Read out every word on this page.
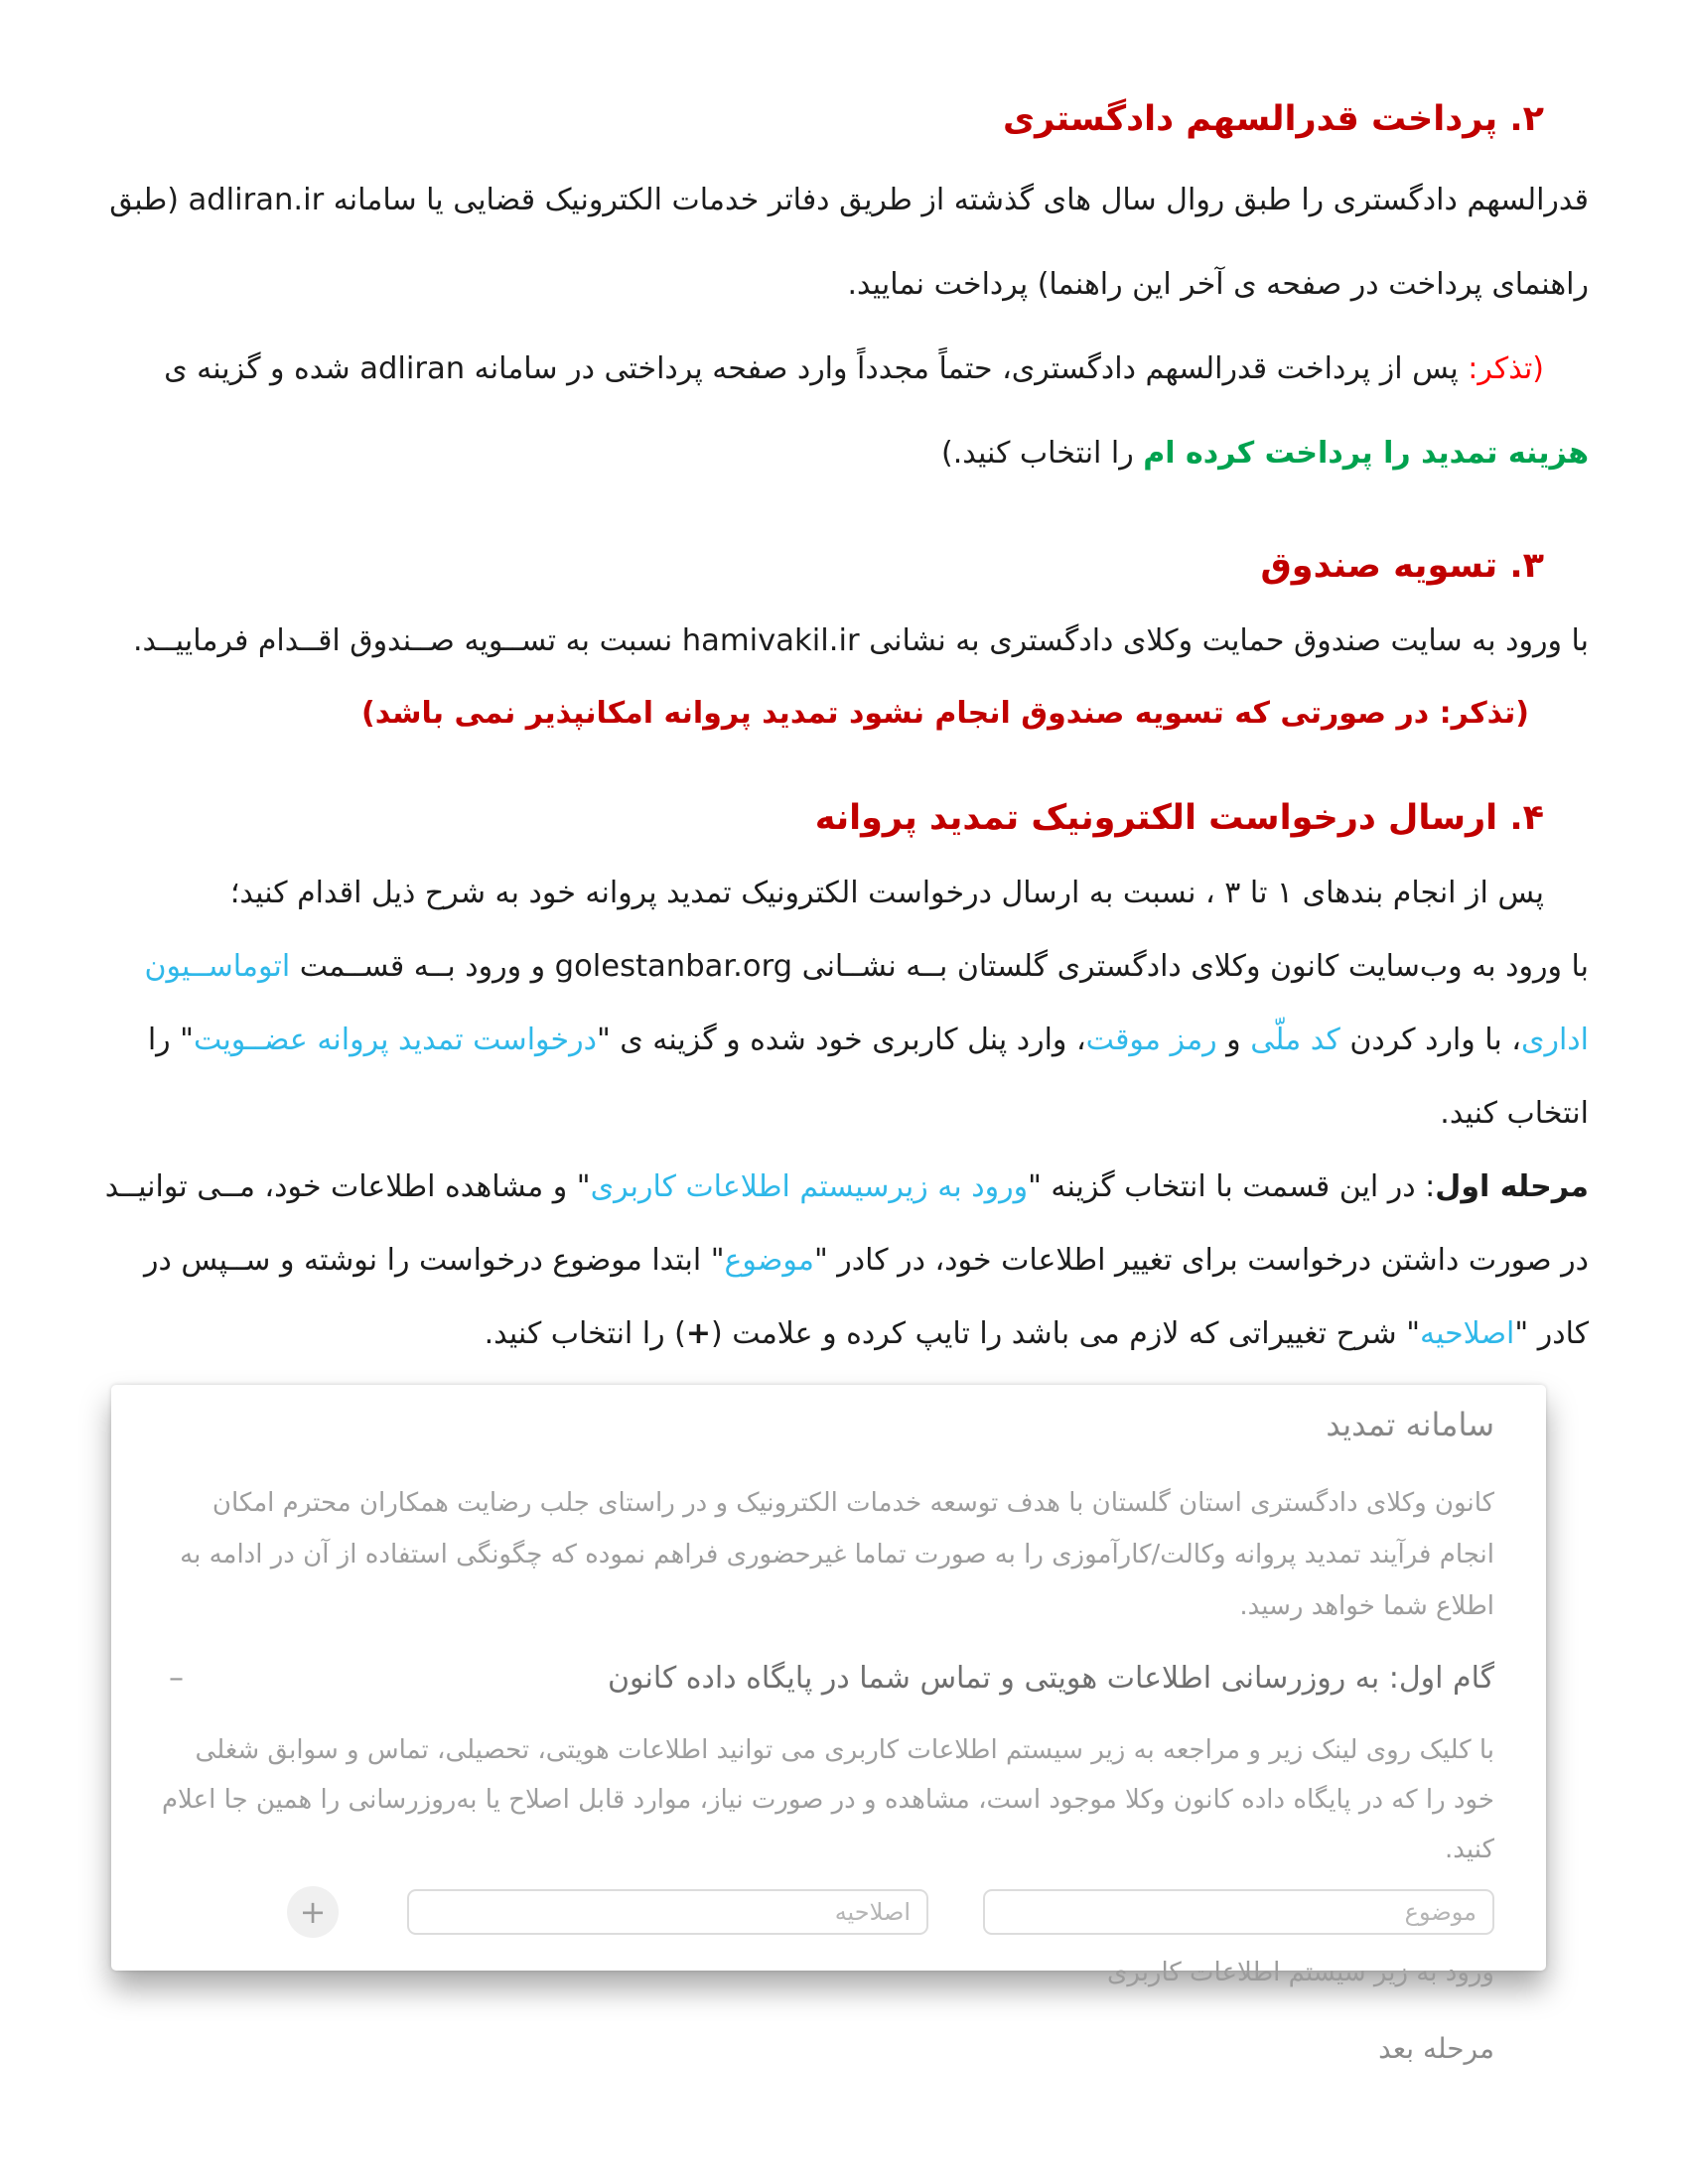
۲. پرداخت قدرالسهم دادگستری
قدرالسهم دادگستری را طبق روال سال های گذشته از طریق دفاتر خدمات الکترونیک قضایی یا سامانه adliran.ir (طبق
راهنمای پرداخت در صفحه ی آخر این راهنما) پرداخت نمایید.
(تذکر: پس از پرداخت قدرالسهم دادگستری، حتماً مجدداً وارد صفحه پرداختی در سامانه adliran شده و گزینه ی
هزینه تمدید را پرداخت کرده ام را انتخاب کنید.)
۳. تسویه صندوق
با ورود به سایت صندوق حمایت وکلای دادگستری به نشانی hamivakil.ir نسبت به تســویه صــندوق اقــدام فرماییــد.
(تذکر: در صورتی که تسویه صندوق انجام نشود تمدید پروانه امکانپذیر نمی باشد)
۴. ارسال درخواست الکترونیک تمدید پروانه
پس از انجام بندهای ۱ تا ۳ ، نسبت به ارسال درخواست الکترونیک تمدید پروانه خود به شرح ذیل اقدام کنید؛
با ورود به وب‌سایت کانون وکلای دادگستری گلستان بــه نشــانی golestanbar.org و ورود بــه قســمت اتوماســیون
اداری، با وارد کردن کد ملّی و رمز موقت، وارد پنل کاربری خود شده و گزینه ی "درخواست تمدید پروانه عضــویت" را
انتخاب کنید.
مرحله اول: در این قسمت با انتخاب گزینه "ورود به زیرسیستم اطلاعات کاربری" و مشاهده اطلاعات خود، مــی توانیــد
در صورت داشتن درخواست برای تغییر اطلاعات خود، در کادر "موضوع" ابتدا موضوع درخواست را نوشته و ســپس در
کادر "اصلاحیه" شرح تغییراتی که لازم می باشد را تایپ کرده و علامت (+) را انتخاب کنید.
سامانه تمدید
کانون وکلای دادگستری استان گلستان با هدف توسعه خدمات الکترونیک و در راستای جلب رضایت همکاران محترم امکان انجام فرآیند تمدید پروانه وکالت/کارآموزی را به صورت تماما غیرحضوری فراهم نموده که چگونگی استفاده از آن در ادامه به اطلاع شما خواهد رسید.
گام اول: به روزرسانی اطلاعات هویتی و تماس شما در پایگاه داده کانون
–
با کلیک روی لینک زیر و مراجعه به زیر سیستم اطلاعات کاربری می توانید اطلاعات هویتی، تحصیلی، تماس و سوابق شغلی خود را که در پایگاه داده کانون وکلا موجود است، مشاهده و در صورت نیاز، موارد قابل اصلاح یا به‌روزرسانی را همین جا اعلام کنید.
موضوع
اصلاحیه
+
ورود به زیر سیستم اطلاعات کاربری
مرحله بعد
